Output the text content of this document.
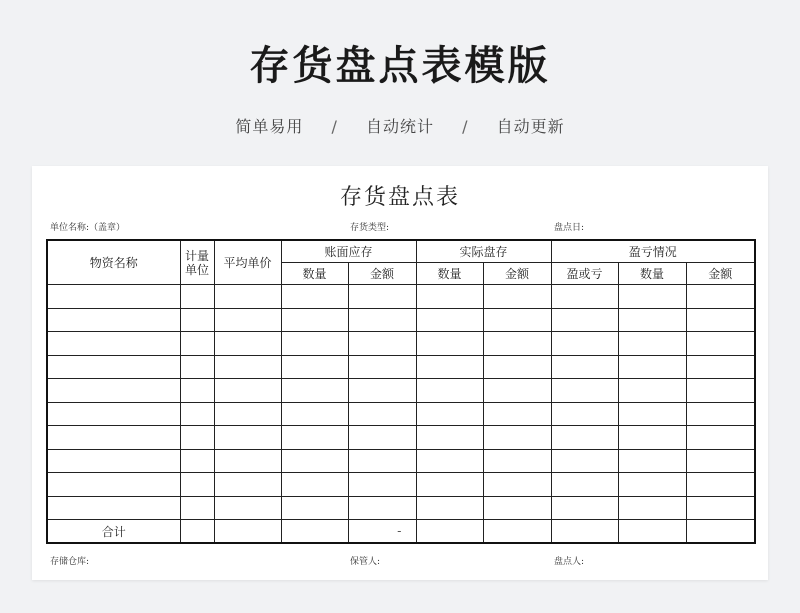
存货盘点表模版
简单易用 / 自动统计 / 自动更新
存货盘点表
单位名称:（盖章）	存货类型:	盘点日:
物资名称	计量单位	平均单价	账面应存		实际盘存		盈亏情况		
			数量	金额	数量	金额	盈或亏	数量	金额

合计				-					
存储仓库:	保管人:	盘点人:
